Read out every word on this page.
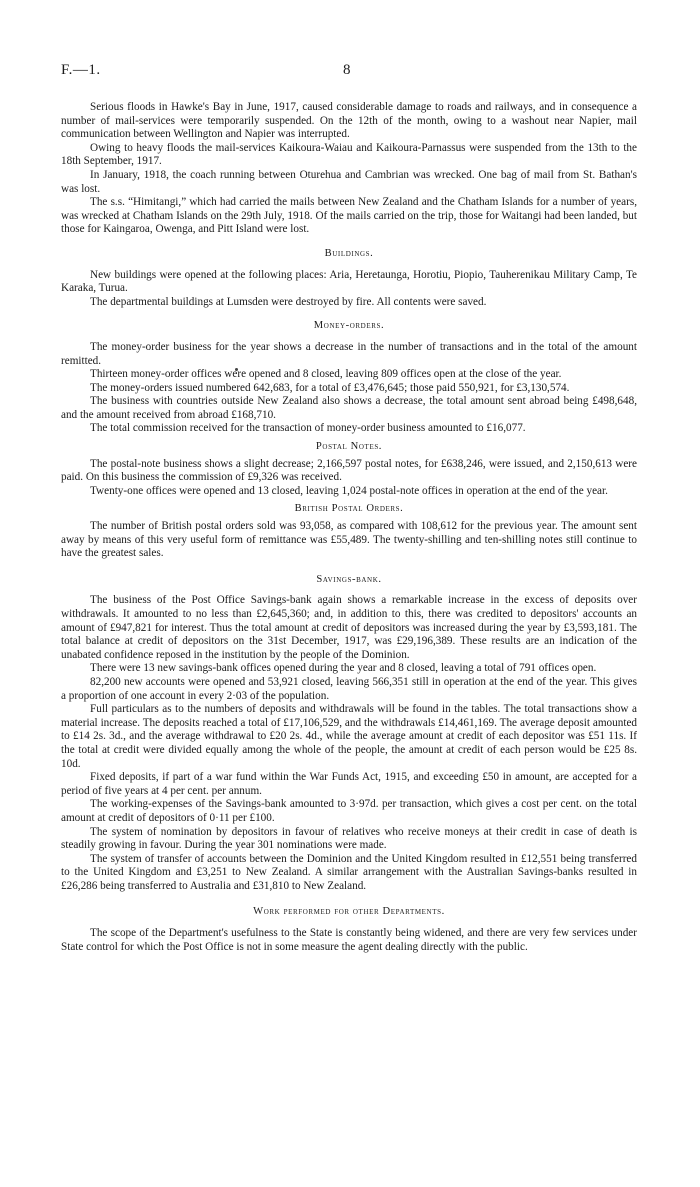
F.—1.	8

Serious floods in Hawke's Bay in June, 1917, caused considerable damage to roads and railways, and in consequence a number of mail-services were temporarily suspended. On the 12th of the month, owing to a washout near Napier, mail communication between Wellington and Napier was interrupted.

Owing to heavy floods the mail-services Kaikoura-Waiau and Kaikoura-Parnassus were suspended from the 13th to the 18th September, 1917.

In January, 1918, the coach running between Oturehua and Cambrian was wrecked. One bag of mail from St. Bathan's was lost.

The s.s. “Himitangi,” which had carried the mails between New Zealand and the Chatham Islands for a number of years, was wrecked at Chatham Islands on the 29th July, 1918. Of the mails carried on the trip, those for Waitangi had been landed, but those for Kaingaroa, Owenga, and Pitt Island were lost.

Buildings.

New buildings were opened at the following places: Aria, Heretaunga, Horotiu, Piopio, Tauherenikau Military Camp, Te Karaka, Turua.

The departmental buildings at Lumsden were destroyed by fire. All contents were saved.

Money-orders.

The money-order business for the year shows a decrease in the number of transactions and in the total of the amount remitted.

Thirteen money-order offices were opened and 8 closed, leaving 809 offices open at the close of the year.

The money-orders issued numbered 642,683, for a total of £3,476,645; those paid 550,921, for £3,130,574.

The business with countries outside New Zealand also shows a decrease, the total amount sent abroad being £498,648, and the amount received from abroad £168,710.

The total commission received for the transaction of money-order business amounted to £16,077.

Postal Notes.

The postal-note business shows a slight decrease; 2,166,597 postal notes, for £638,246, were issued, and 2,150,613 were paid. On this business the commission of £9,326 was received.

Twenty-one offices were opened and 13 closed, leaving 1,024 postal-note offices in operation at the end of the year.

British Postal Orders.

The number of British postal orders sold was 93,058, as compared with 108,612 for the previous year. The amount sent away by means of this very useful form of remittance was £55,489. The twenty-shilling and ten-shilling notes still continue to have the greatest sales.

Savings-bank.

The business of the Post Office Savings-bank again shows a remarkable increase in the excess of deposits over withdrawals. It amounted to no less than £2,645,360; and, in addition to this, there was credited to depositors' accounts an amount of £947,821 for interest. Thus the total amount at credit of depositors was increased during the year by £3,593,181. The total balance at credit of depositors on the 31st December, 1917, was £29,196,389. These results are an indication of the unabated confidence reposed in the institution by the people of the Dominion.

There were 13 new savings-bank offices opened during the year and 8 closed, leaving a total of 791 offices open.

82,200 new accounts were opened and 53,921 closed, leaving 566,351 still in operation at the end of the year. This gives a proportion of one account in every 2·03 of the population.

Full particulars as to the numbers of deposits and withdrawals will be found in the tables. The total transactions show a material increase. The deposits reached a total of £17,106,529, and the withdrawals £14,461,169. The average deposit amounted to £14 2s. 3d., and the average withdrawal to £20 2s. 4d., while the average amount at credit of each depositor was £51 11s. If the total at credit were divided equally among the whole of the people, the amount at credit of each person would be £25 8s. 10d.

Fixed deposits, if part of a war fund within the War Funds Act, 1915, and exceeding £50 in amount, are accepted for a period of five years at 4 per cent. per annum.

The working-expenses of the Savings-bank amounted to 3·97d. per transaction, which gives a cost per cent. on the total amount at credit of depositors of 0·11 per £100.

The system of nomination by depositors in favour of relatives who receive moneys at their credit in case of death is steadily growing in favour. During the year 301 nominations were made.

The system of transfer of accounts between the Dominion and the United Kingdom resulted in £12,551 being transferred to the United Kingdom and £3,251 to New Zealand. A similar arrangement with the Australian Savings-banks resulted in £26,286 being transferred to Australia and £31,810 to New Zealand.

Work performed for other Departments.

The scope of the Department's usefulness to the State is constantly being widened, and there are very few services under State control for which the Post Office is not in some measure the agent dealing directly with the public.
